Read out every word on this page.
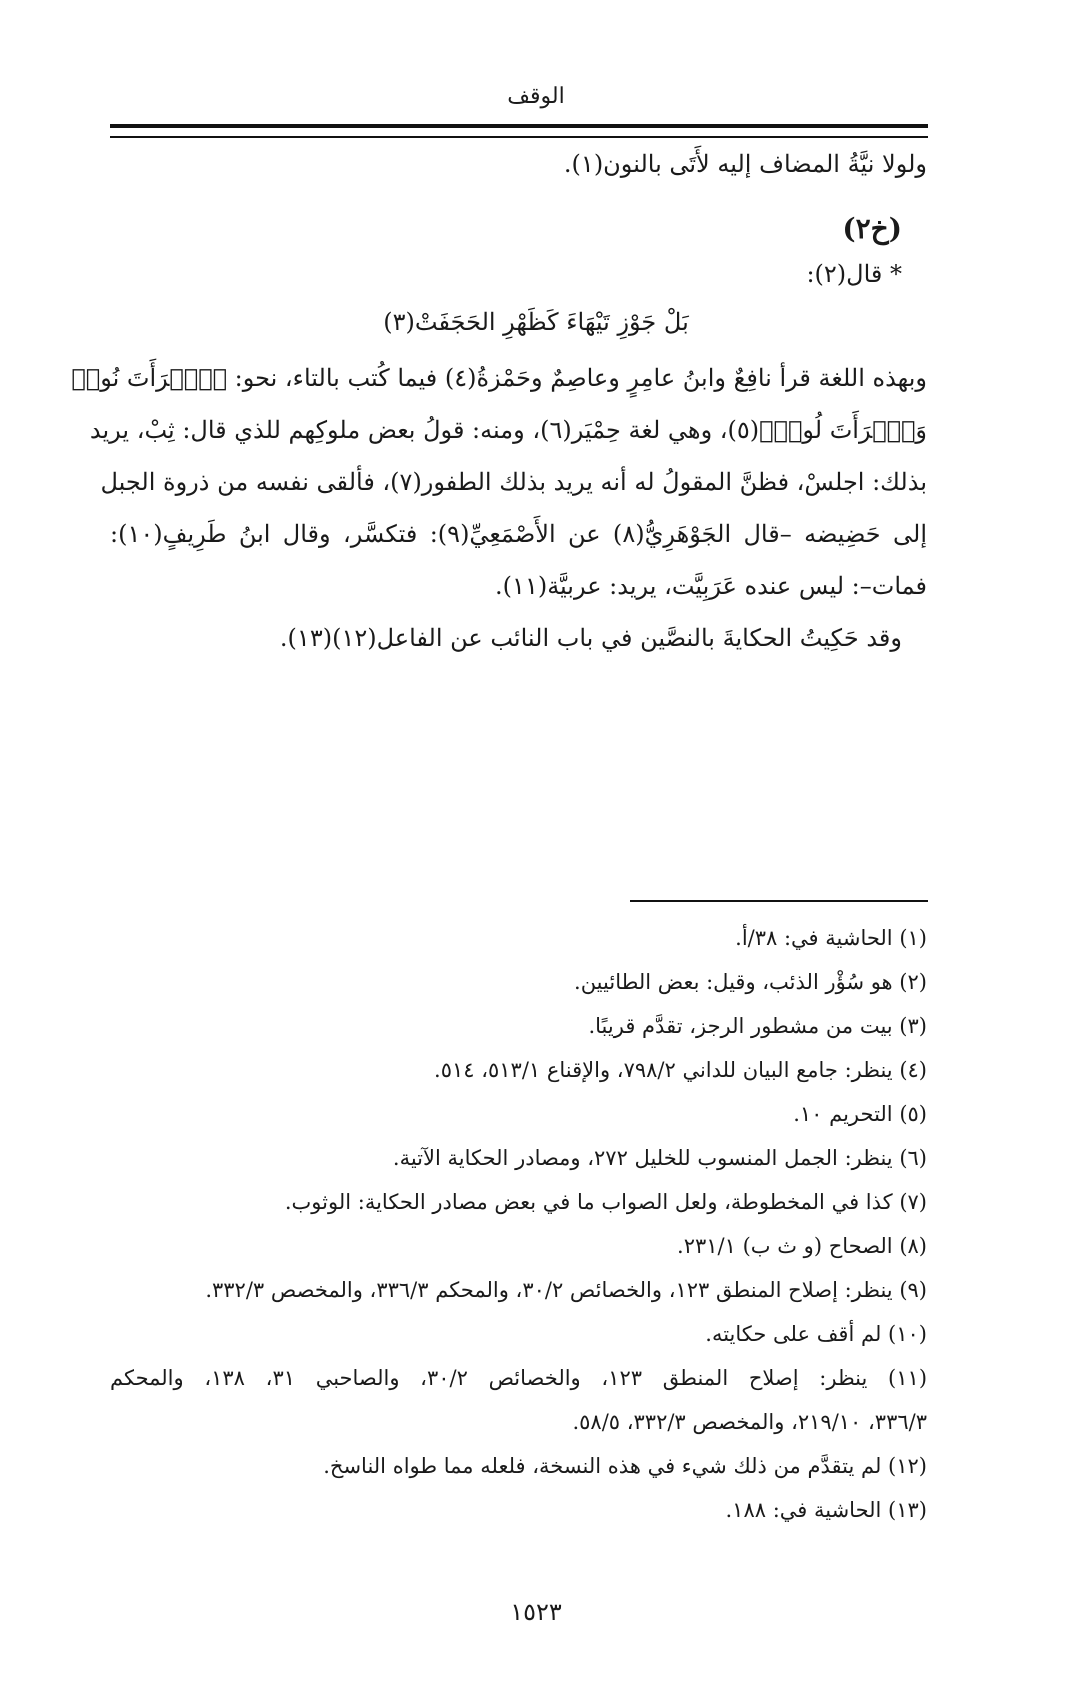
الوقف
ولولا نيَّةُ المضاف إليه لأَتَى بالنون(١).
(خ٢)
* قال(٢):
بَلْ جَوْزِ تَيْهَاءَ كَظَهْرِ الحَجَفَتْ(٣)
وبهذه اللغة قرأ نافِعٌ وابنُ عامِرٍ وعاصِمٌ وحَمْزةُ(٤) فيما كُتب بالتاء، نحو: ﴿ٱمۡرَأَتَ نُوحٖ
وَٱمۡرَأَتَ لُوطٖ﴾(٥)، وهي لغة حِمْيَر(٦)، ومنه: قولُ بعض ملوكِهم للذي قال: ثِبْ، يريد
بذلك: اجلسْ، فظنَّ المقولُ له أنه يريد بذلك الطفور(٧)، فألقى نفسه من ذروة الجبل
إلى حَضِيضه –قال الجَوْهَرِيُّ(٨) عن الأَصْمَعِيِّ(٩): فتكسَّر، وقال ابنُ طَرِيفٍ(١٠):
فمات–: ليس عنده عَرَبِيَّت، يريد: عربيَّة(١١).
وقد حَكِيتُ الحكايةَ بالنصَّين في باب النائب عن الفاعل(١٢)(١٣).
(١) الحاشية في: ٣٨/أ.
(٢) هو سُؤْر الذئب، وقيل: بعض الطائيين.
(٣) بيت من مشطور الرجز، تقدَّم قريبًا.
(٤) ينظر: جامع البيان للداني ٧٩٨/٢، والإقناع ٥١٣/١، ٥١٤.
(٥) التحريم ١٠.
(٦) ينظر: الجمل المنسوب للخليل ٢٧٢، ومصادر الحكاية الآتية.
(٧) كذا في المخطوطة، ولعل الصواب ما في بعض مصادر الحكاية: الوثوب.
(٨) الصحاح (و ث ب) ٢٣١/١.
(٩) ينظر: إصلاح المنطق ١٢٣، والخصائص ٣٠/٢، والمحكم ٣٣٦/٣، والمخصص ٣٣٢/٣.
(١٠) لم أقف على حكايته.
(١١) ينظر: إصلاح المنطق ١٢٣، والخصائص ٣٠/٢، والصاحبي ٣١، ١٣٨، والمحكم
٣٣٦/٣، ٢١٩/١٠، والمخصص ٣٣٢/٣، ٥٨/٥.
(١٢) لم يتقدَّم من ذلك شيء في هذه النسخة، فلعله مما طواه الناسخ.
(١٣) الحاشية في: ١٨٨.
١٥٢٣
